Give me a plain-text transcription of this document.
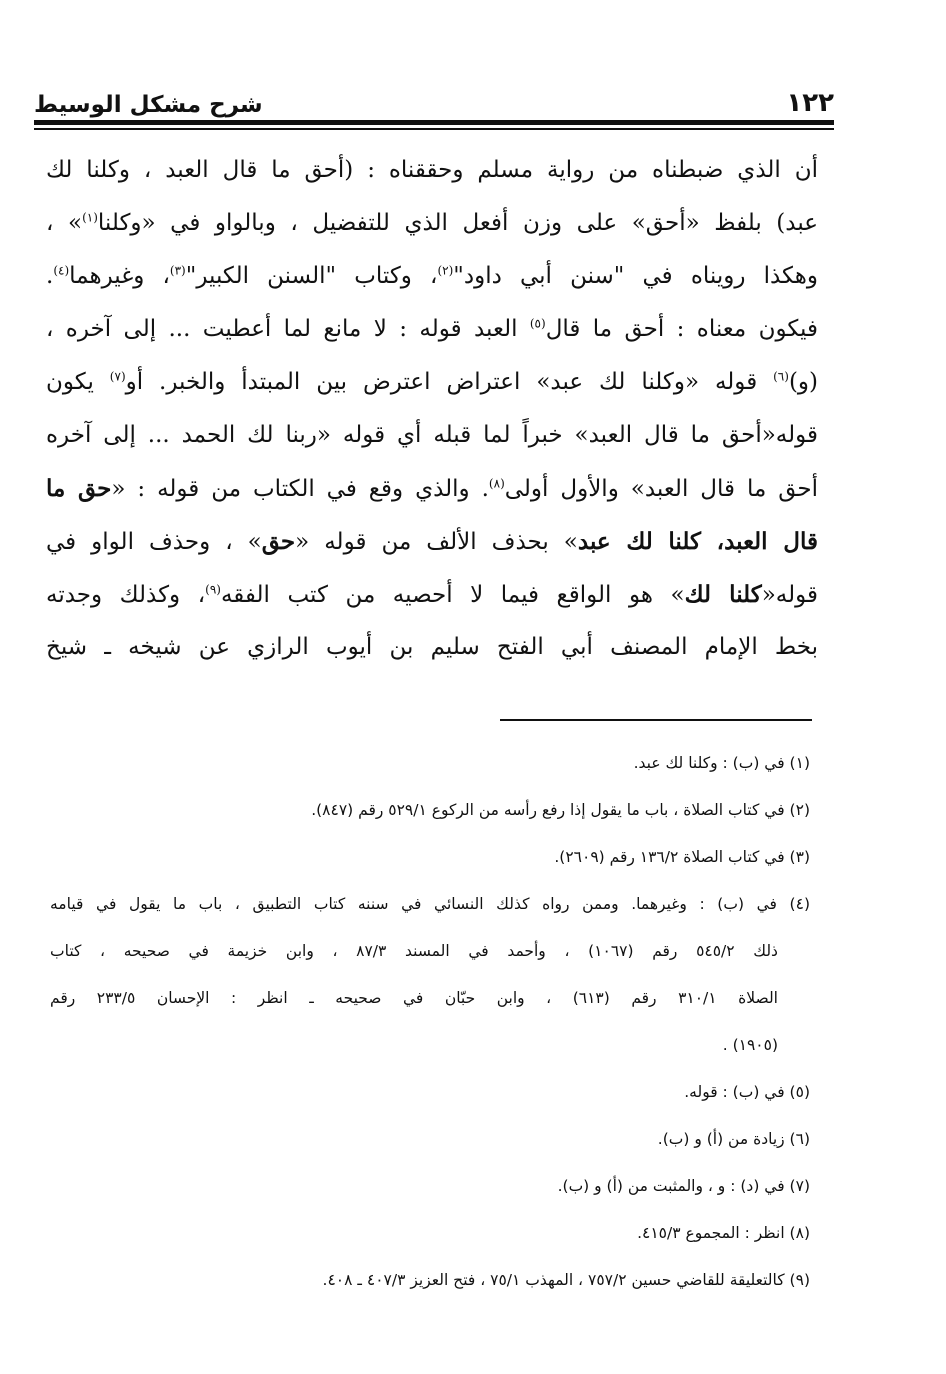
١٢٢
شرح مشكل الوسيط
أن الذي ضبطناه من رواية مسلم وحققناه : (أحق ما قال العبد ، وكلنا لك
عبد) بلفظ «أحق» على وزن أفعل الذي للتفضيل ، وبالواو في «وكلنا$^{(١)}$» ،
وهكذا رويناه في "سنن أبي داود"$^{(٢)}$، وكتاب "السنن الكبير"$^{(٣)}$، وغيرهما$^{(٤)}$.
فيكون معناه : أحق ما قال$^{(٥)}$ العبد قوله : لا مانع لما أعطيت ... إلى آخره ،
(و)$^{(٦)}$ قوله «وكلنا لك عبد» اعتراض اعترض بين المبتدأ والخبر. أو$^{(٧)}$ يكون
قوله«أحق ما قال العبد» خبراً لما قبله أي قوله «ربنا لك الحمد ... إلى آخره
أحق ما قال العبد» والأول أولى$^{(٨)}$. والذي وقع في الكتاب من قوله : «حق ما
قال العبد، كلنا لك عبد» بحذف الألف من قوله «حق» ، وحذف الواو في
قوله«كلنا لك» هو الواقع فيما لا أحصيه من كتب الفقه$^{(٩)}$، وكذلك وجدته
بخط الإمام المصنف أبي الفتح سليم بن أيوب الرازي عن شيخه ـ شيخ
(١) في (ب) : وكلنا لك عبد.
(٢) في كتاب الصلاة ، باب ما يقول إذا رفع رأسه من الركوع ٥٢٩/١ رقم (٨٤٧).
(٣) في كتاب الصلاة ١٣٦/٢ رقم (٢٦٠٩).
(٤) في (ب) : وغيرهما. وممن رواه كذلك النسائي في سننه كتاب التطبيق ، باب ما يقول في قيامه
ذلك ٥٤٥/٢ رقم (١٠٦٧) ، وأحمد في المسند ٨٧/٣ ، وابن خزيمة في صحيحه ، كتاب
الصلاة ٣١٠/١ رقم (٦١٣) ، وابن حبّان في صحيحه ـ انظر : الإحسان ٢٣٣/٥ رقم
(١٩٠٥) .
(٥) في (ب) : قوله.
(٦) زيادة من (أ) و (ب).
(٧) في (د) : و ، والمثبت من (أ) و (ب).
(٨) انظر : المجموع ٤١٥/٣.
(٩) كالتعليقة للقاضي حسين ٧٥٧/٢ ، المهذب ٧٥/١ ، فتح العزيز ٤٠٧/٣ ـ ٤٠٨.
